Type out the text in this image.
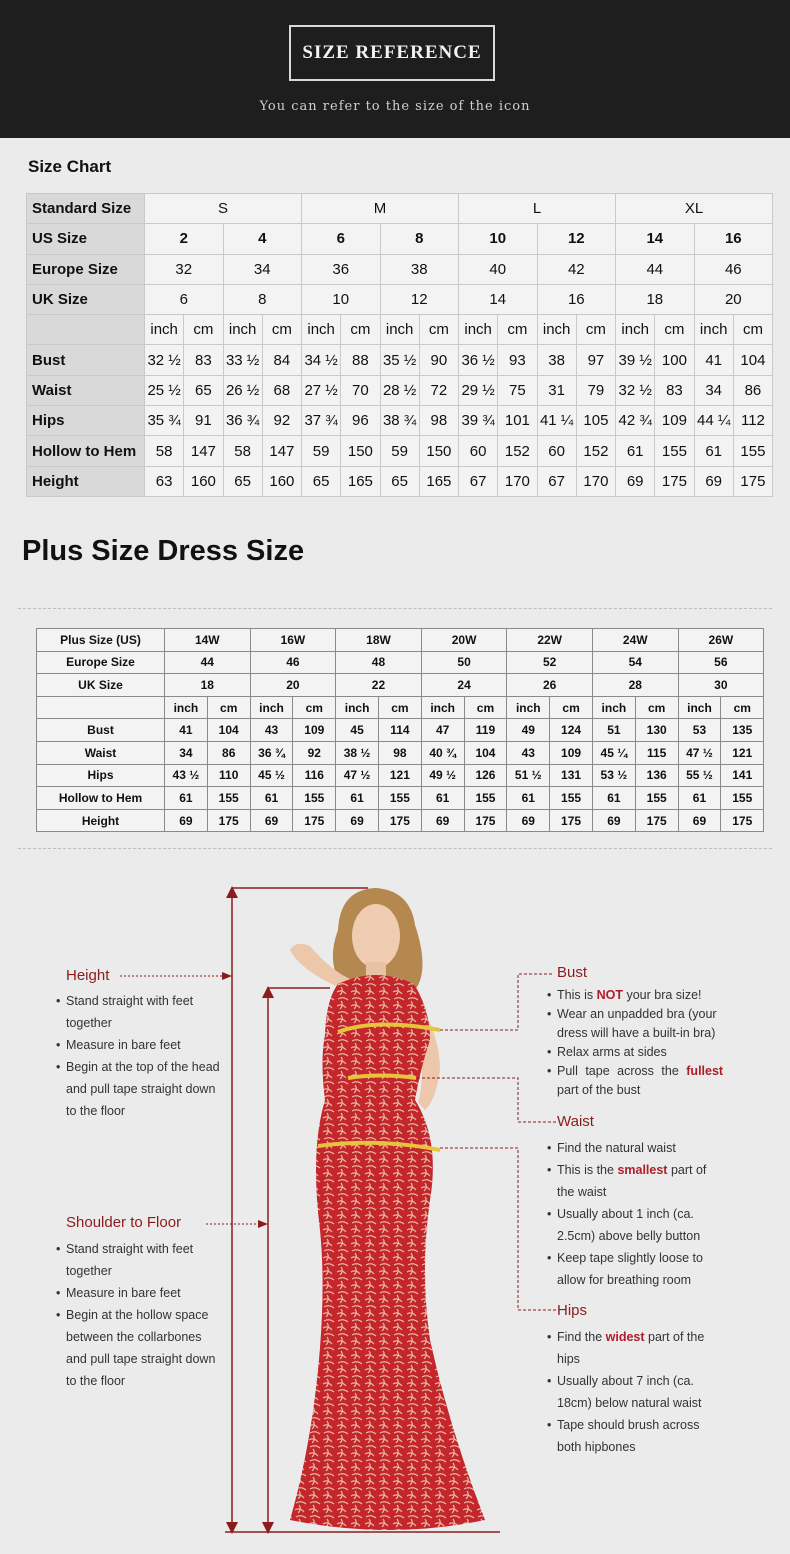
SIZE REFERENCE
You can refer to the size of the icon
Size Chart
Standard Size	S				M				L				XL			
US Size	2		4		6		8		10		12		14		16	
Europe Size	32		34		36		38		40		42		44		46	
UK Size	6		8		10		12		14		16		18		20	
	inch	cm	inch	cm	inch	cm	inch	cm	inch	cm	inch	cm	inch	cm	inch	cm
Bust	32 ½	83	33 ½	84	34 ½	88	35 ½	90	36 ½	93	38	97	39 ½	100	41	104
Waist	25 ½	65	26 ½	68	27 ½	70	28 ½	72	29 ½	75	31	79	32 ½	83	34	86
Hips	35 ¾	91	36 ¾	92	37 ¾	96	38 ¾	98	39 ¾	101	41 ¼	105	42 ¾	109	44 ¼	112
Hollow to Hem	58	147	58	147	59	150	59	150	60	152	60	152	61	155	61	155
Height	63	160	65	160	65	165	65	165	67	170	67	170	69	175	69	175
Plus Size Dress Size
Plus Size (US)	14W		16W		18W		20W		22W		24W		26W	
Europe Size	44		46		48		50		52		54		56	
UK Size	18		20		22		24		26		28		30	
	inch	cm	inch	cm	inch	cm	inch	cm	inch	cm	inch	cm	inch	cm
Bust	41	104	43	109	45	114	47	119	49	124	51	130	53	135
Waist	34	86	36 ¾	92	38 ½	98	40 ¾	104	43	109	45 ¼	115	47 ½	121
Hips	43 ½	110	45 ½	116	47 ½	121	49 ½	126	51 ½	131	53 ½	136	55 ½	141
Hollow to Hem	61	155	61	155	61	155	61	155	61	155	61	155	61	155
Height	69	175	69	175	69	175	69	175	69	175	69	175	69	175
Height
• Stand straight with feet
together
• Measure in bare feet
• Begin at the top of the head
and pull tape straight down
to the floor
Shoulder to Floor
• Stand straight with feet
together
• Measure in bare feet
• Begin at the hollow space
between the collarbones
and pull tape straight down
to the floor
Bust
• This is NOT your bra size!
• Wear an unpadded bra (your
dress will have a built-in bra)
• Relax arms at sides
• Pull tape across the fullest
part of the bust
Waist
• Find the natural waist
• This is the smallest part of
the waist
• Usually about 1 inch (ca.
2.5cm) above belly button
• Keep tape slightly loose to
allow for breathing room
Hips
• Find the widest part of the
hips
• Usually about 7 inch (ca.
18cm) below natural waist
• Tape should brush across
both hipbones
